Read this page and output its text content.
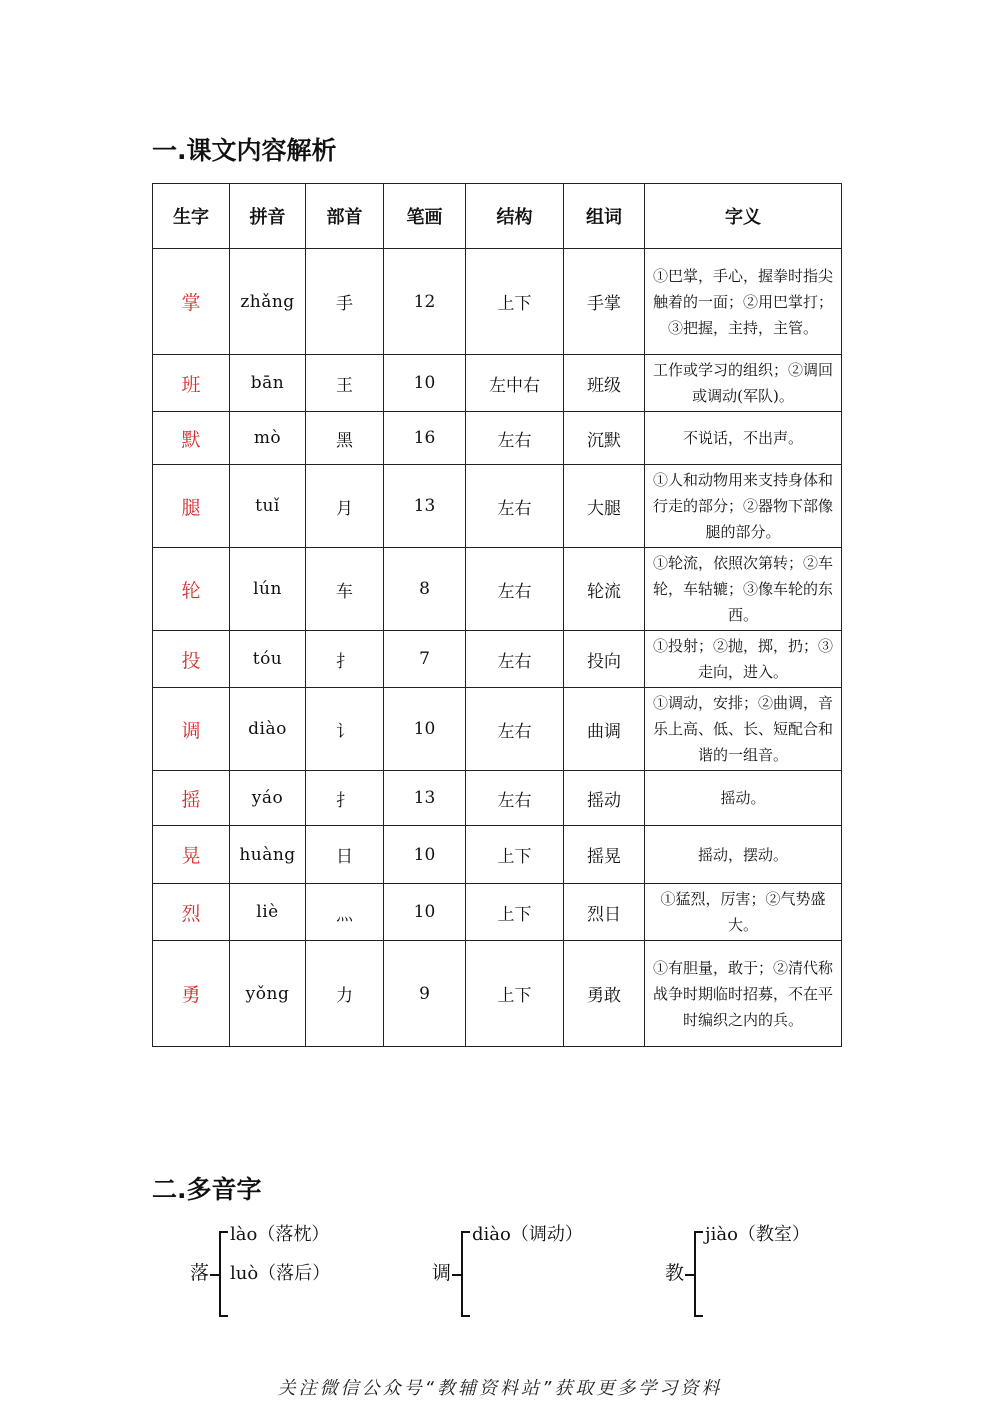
一.课文内容解析
生字	拼音	部首	笔画	结构	组词	字义
掌	zhǎng	手	12	上下	手掌	①巴掌，手心，握拳时指尖触着的一面；②用巴掌打；③把握，主持，主管。
班	bān	王	10	左中右	班级	工作或学习的组织；②调回或调动(军队)。
默	mò	黑	16	左右	沉默	不说话，不出声。
腿	tuǐ	月	13	左右	大腿	①人和动物用来支持身体和行走的部分；②器物下部像腿的部分。
轮	lún	车	8	左右	轮流	①轮流，依照次第转；②车轮，车轱辘；③像车轮的东西。
投	tóu	扌	7	左右	投向	①投射；②抛，掷，扔；③走向，进入。
调	diào	讠	10	左右	曲调	①调动，安排；②曲调，音乐上高、低、长、短配合和谐的一组音。
摇	yáo	扌	13	左右	摇动	摇动。
晃	huàng	日	10	上下	摇晃	摇动，摆动。
烈	liè	灬	10	上下	烈日	①猛烈，厉害；②气势盛大。
勇	yǒng	力	9	上下	勇敢	①有胆量，敢于；②清代称战争时期临时招募，不在平时编织之内的兵。
二.多音字
落
lào（落枕）
luò（落后）	调
diào（调动）
教
jiào（教室）
关注微信公众号“教辅资料站”获取更多学习资料
